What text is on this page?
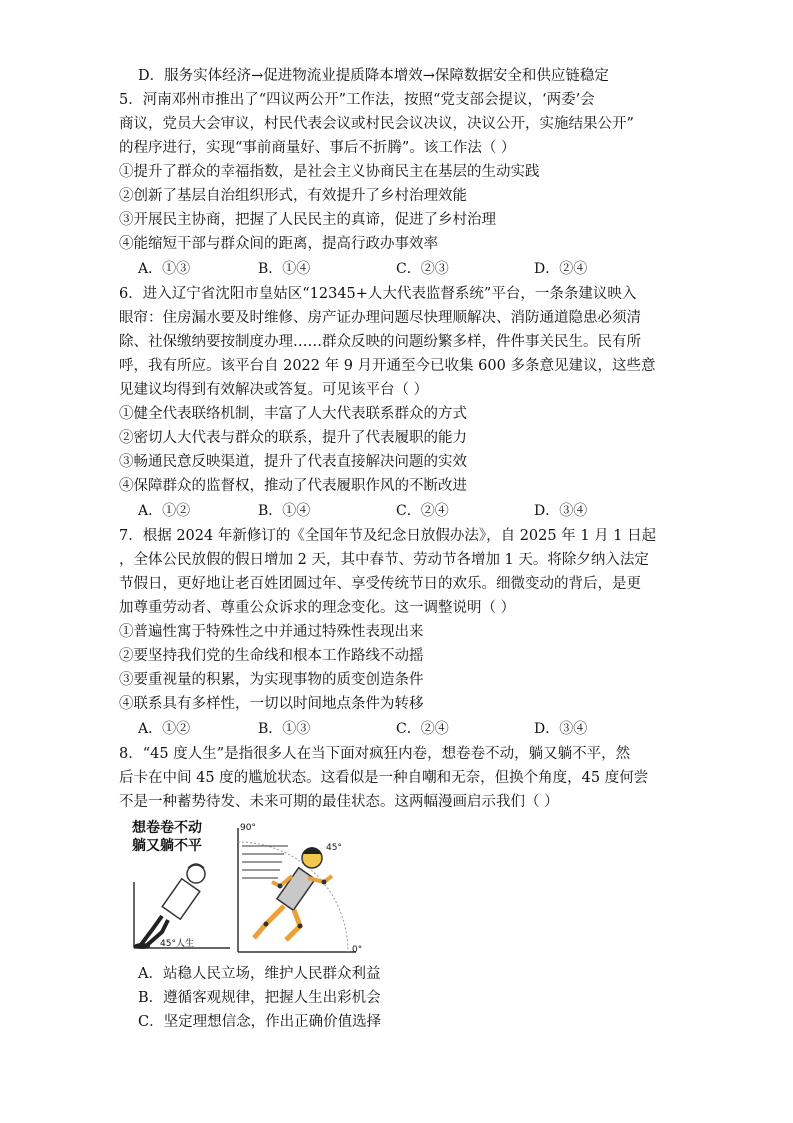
D．服务实体经济→促进物流业提质降本增效→保障数据安全和供应链稳定
5．河南邓州市推出了“四议两公开”工作法，按照“党支部会提议，‘两委’会
商议，党员大会审议，村民代表会议或村民会议决议，决议公开，实施结果公开”
的程序进行，实现“事前商量好、事后不折腾”。该工作法（ ）
①提升了群众的幸福指数，是社会主义协商民主在基层的生动实践
②创新了基层自治组织形式，有效提升了乡村治理效能
③开展民主协商，把握了人民民主的真谛，促进了乡村治理
④能缩短干部与群众间的距离，提高行政办事效率
A．①③	B．①④	C．②③	D．②④
6．进入辽宁省沈阳市皇姑区“12345+人大代表监督系统”平台，一条条建议映入
眼帘：住房漏水要及时维修、房产证办理问题尽快理顺解决、消防通道隐患必须清
除、社保缴纳要按制度办理……群众反映的问题纷繁多样，件件事关民生。民有所
呼，我有所应。该平台自 2022 年 9 月开通至今已收集 600 多条意见建议，这些意
见建议均得到有效解决或答复。可见该平台（ ）
①健全代表联络机制，丰富了人大代表联系群众的方式
②密切人大代表与群众的联系，提升了代表履职的能力
③畅通民意反映渠道，提升了代表直接解决问题的实效
④保障群众的监督权，推动了代表履职作风的不断改进
A．①②	B．①④	C．②④	D．③④
7．根据 2024 年新修订的《全国年节及纪念日放假办法》，自 2025 年 1 月 1 日起
，全体公民放假的假日增加 2 天，其中春节、劳动节各增加 1 天。将除夕纳入法定
节假日，更好地让老百姓团圆过年、享受传统节日的欢乐。细微变动的背后，是更
加尊重劳动者、尊重公众诉求的理念变化。这一调整说明（ ）
①普遍性寓于特殊性之中并通过特殊性表现出来
②要坚持我们党的生命线和根本工作路线不动摇
③要重视量的积累，为实现事物的质变创造条件
④联系具有多样性，一切以时间地点条件为转移
A．①②	B．①③	C．②④	D．③④
8．“45 度人生”是指很多人在当下面对疯狂内卷，想卷卷不动，躺又躺不平，然
后卡在中间 45 度的尴尬状态。这看似是一种自嘲和无奈，但换个角度，45 度何尝
不是一种蓄势待发、未来可期的最佳状态。这两幅漫画启示我们（ ）
想卷卷不动
躺又躺不平
45°人生
90°
0°
45°
A．站稳人民立场，维护人民群众利益
B．遵循客观规律，把握人生出彩机会
C．坚定理想信念，作出正确价值选择
